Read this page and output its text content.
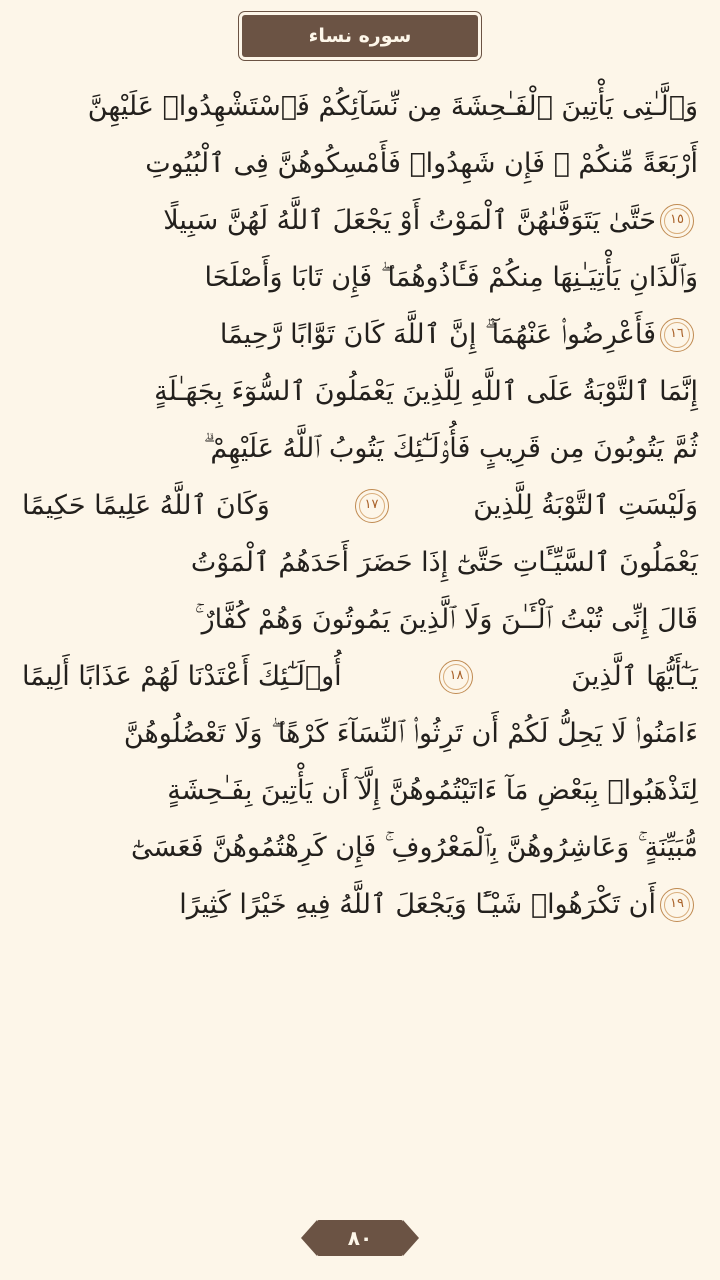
سوره نساء
وَٱلَّـٰتِى يَأْتِينَ ٱلْفَـٰحِشَةَ مِن نِّسَآئِكُمْ فَٱسْتَشْهِدُوا۟ عَلَيْهِنَّ
أَرْبَعَةً مِّنكُمْ ۖ فَإِن شَهِدُوا۟ فَأَمْسِكُوهُنَّ فِى ٱلْبُيُوتِ
١٥
حَتَّىٰ يَتَوَفَّىٰهُنَّ ٱلْمَوْتُ أَوْ يَجْعَلَ ٱللَّهُ لَهُنَّ سَبِيلًا
وَٱلَّذَانِ يَأْتِيَـٰنِهَا مِنكُمْ فَـَٔاذُوهُمَا ۖ فَإِن تَابَا وَأَصْلَحَا
١٦
فَأَعْرِضُوا۟ عَنْهُمَآ ۗ إِنَّ ٱللَّهَ كَانَ تَوَّابًا رَّحِيمًا
إِنَّمَا ٱلتَّوْبَةُ عَلَى ٱللَّهِ لِلَّذِينَ يَعْمَلُونَ ٱلسُّوٓءَ بِجَهَـٰلَةٍ
ثُمَّ يَتُوبُونَ مِن قَرِيبٍ فَأُو۟لَـٰٓئِكَ يَتُوبُ ٱللَّهُ عَلَيْهِمْ ۗ
وَلَيْسَتِ ٱلتَّوْبَةُ لِلَّذِينَ
١٧
وَكَانَ ٱللَّهُ عَلِيمًا حَكِيمًا
يَعْمَلُونَ ٱلسَّيِّـَٔاتِ حَتَّىٰٓ إِذَا حَضَرَ أَحَدَهُمُ ٱلْمَوْتُ
قَالَ إِنِّى تُبْتُ ٱلْـَٔـٰنَ وَلَا ٱلَّذِينَ يَمُوتُونَ وَهُمْ كُفَّارٌ ۚ
يَـٰٓأَيُّهَا ٱلَّذِينَ
١٨
أُو۟لَـٰٓئِكَ أَعْتَدْنَا لَهُمْ عَذَابًا أَلِيمًا
ءَامَنُوا۟ لَا يَحِلُّ لَكُمْ أَن تَرِثُوا۟ ٱلنِّسَآءَ كَرْهًا ۖ وَلَا تَعْضُلُوهُنَّ
لِتَذْهَبُوا۟ بِبَعْضِ مَآ ءَاتَيْتُمُوهُنَّ إِلَّآ أَن يَأْتِينَ بِفَـٰحِشَةٍ
مُّبَيِّنَةٍ ۚ وَعَاشِرُوهُنَّ بِٱلْمَعْرُوفِ ۚ فَإِن كَرِهْتُمُوهُنَّ فَعَسَىٰٓ
١٩
أَن تَكْرَهُوا۟ شَيْـًٔا وَيَجْعَلَ ٱللَّهُ فِيهِ خَيْرًا كَثِيرًا
٨٠
